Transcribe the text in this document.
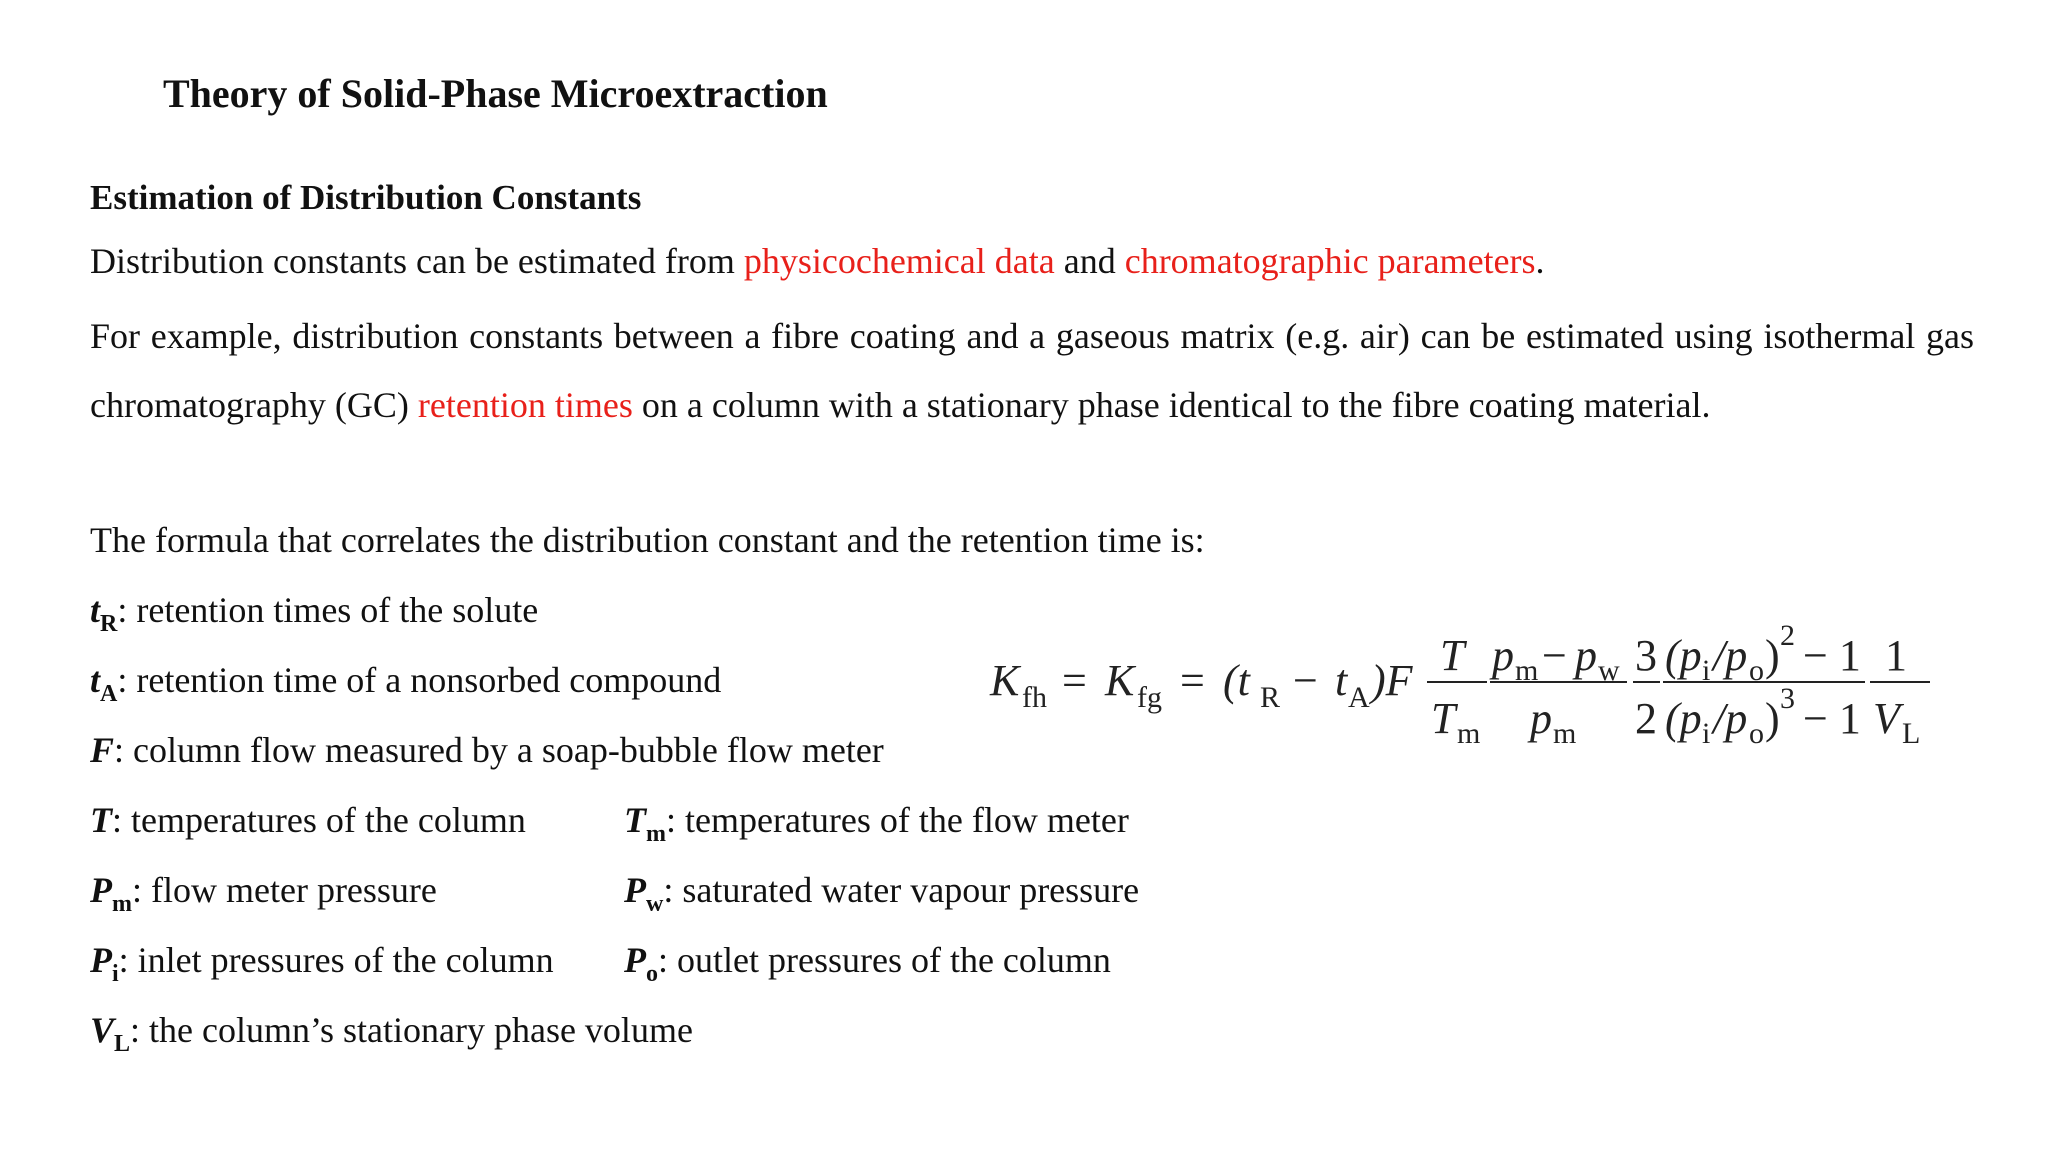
Theory of Solid-Phase Microextraction
Estimation of Distribution Constants
Distribution constants can be estimated from physicochemical data and chromatographic parameters.
For example, distribution constants between a fibre coating and a gaseous matrix (e.g. air) can be estimated using isothermal gas chromatography (GC) retention times on a column with a stationary phase identical to the fibre coating material.
The formula that correlates the distribution constant and the retention time is:
$t_R$: retention times of the solute
$t_A$: retention time of a nonsorbed compound
F: column flow measured by a soap-bubble flow meter
T: temperatures of the column	$T_m$: temperatures of the flow meter
$P_m$: flow meter pressure	$P_w$: saturated water vapour pressure
$P_i$: inlet pressures of the column $P_o$: outlet pressures of the column
$V_L$: the column’s stationary phase volume
K fh = K fg = (t R − t A )F
T
T m
p m − p w
p m
3
2
(p i /p o ) 2 − 1
(p i /p o ) 3 − 1
1
V L
